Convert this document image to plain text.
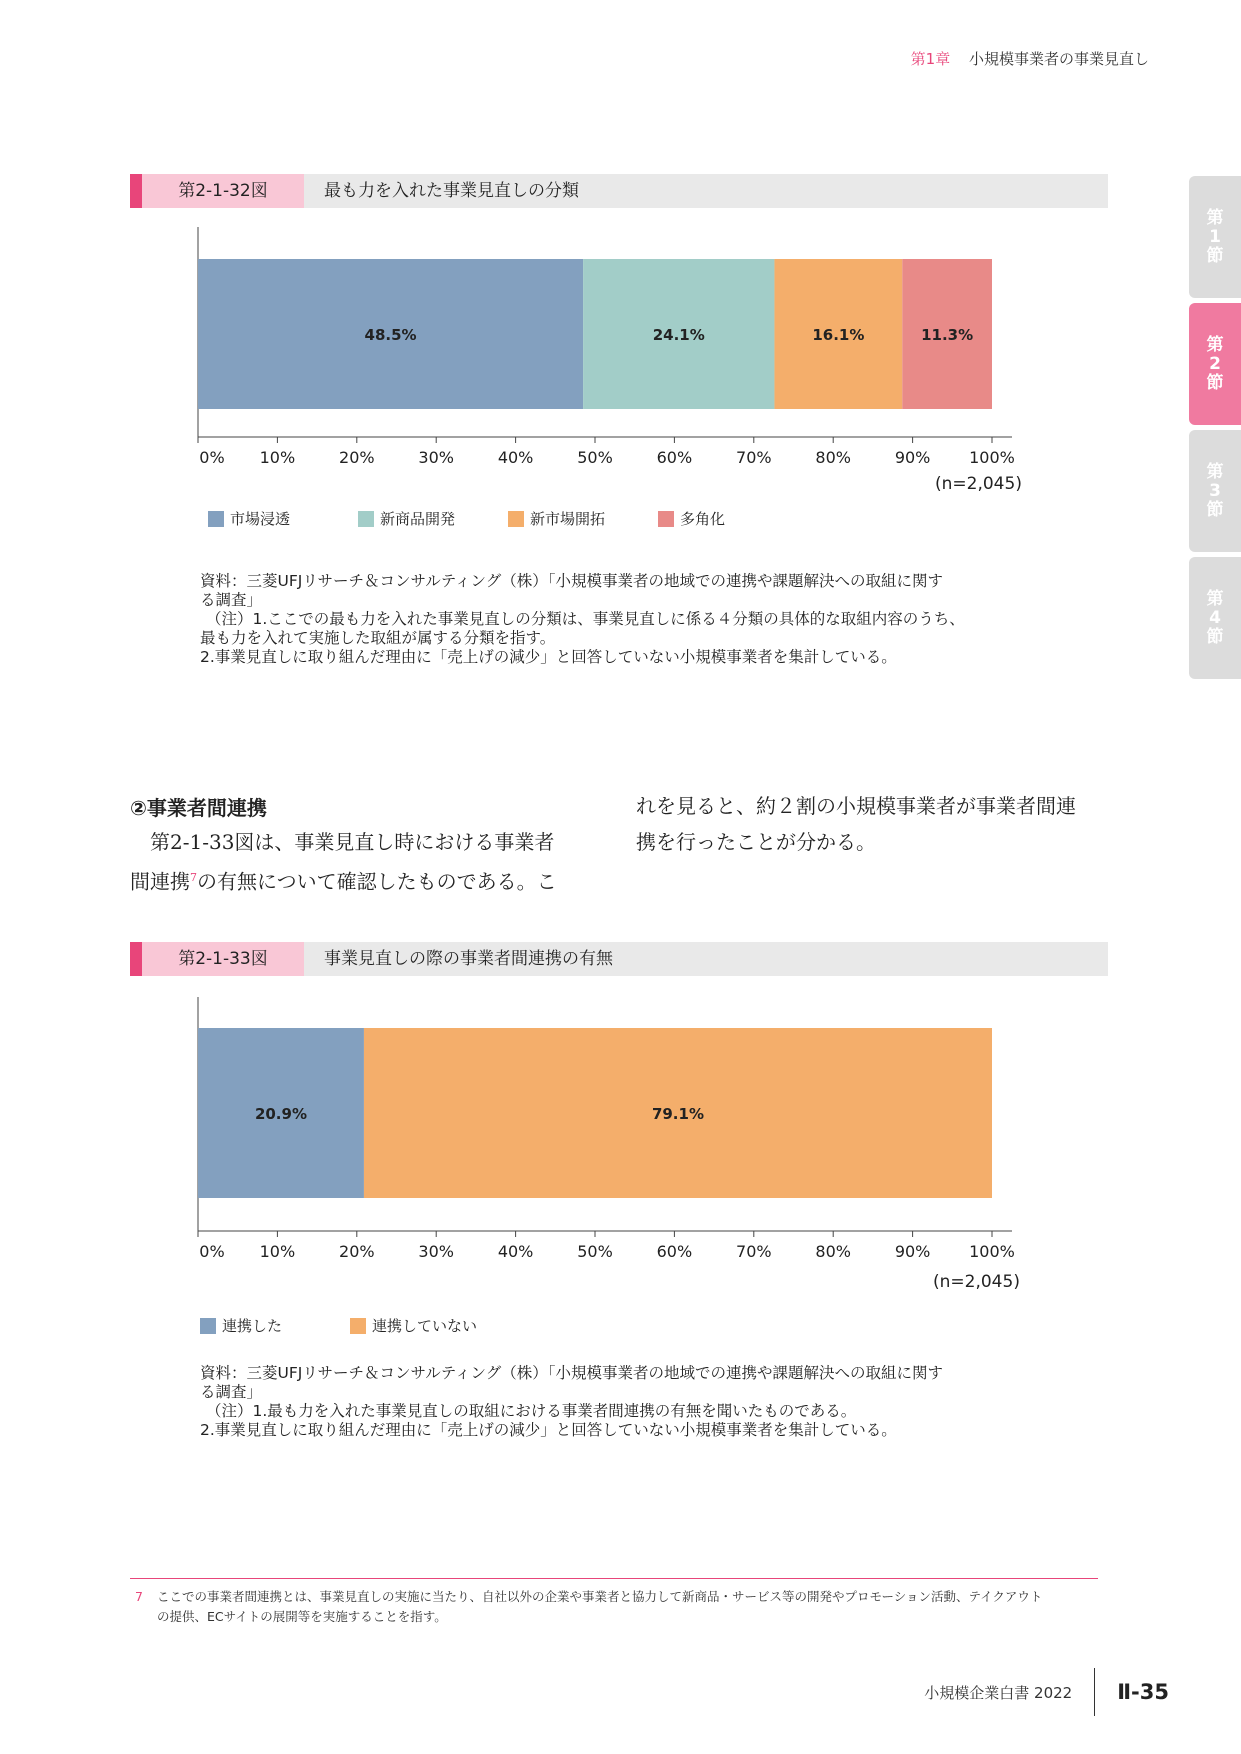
第1章 小規模事業者の事業見直し
第1節
第2節
第3節
第4節
第2-1-32図	最も力を入れた事業見直しの分類
48.5%	24.1%	16.1%	11.3%
0% 10%	20%	30%	40%	50%	60%	70%	80%	90% 100%
(n=2,045)
市場浸透	新商品開発	新市場開拓	多角化
資料：三菱UFJリサーチ＆コンサルティング（株）「小規模事業者の地域での連携や課題解決への取組に関す
る調査」
（注）1.ここでの最も力を入れた事業見直しの分類は、事業見直しに係る４分類の具体的な取組内容のうち、
最も力を入れて実施した取組が属する分類を指す。
2.事業見直しに取り組んだ理由に「売上げの減少」と回答していない小規模事業者を集計している。
②事業者間連携
第2-1-33図は、事業見直し時における事業者
間連携$^7$の有無について確認したものである。こ
れを見ると、約２割の小規模事業者が事業者間連
携を行ったことが分かる。
第2-1-33図	事業見直しの際の事業者間連携の有無
20.9%	79.1%
0% 10%	20%	30%	40%	50%	60%	70%	80%	90% 100%
(n=2,045)
連携した	連携していない
資料：三菱UFJリサーチ＆コンサルティング（株）「小規模事業者の地域での連携や課題解決への取組に関す
る調査」
（注）1.最も力を入れた事業見直しの取組における事業者間連携の有無を聞いたものである。
2.事業見直しに取り組んだ理由に「売上げの減少」と回答していない小規模事業者を集計している。
7 ここでの事業者間連携とは、事業見直しの実施に当たり、自社以外の企業や事業者と協力して新商品・サービス等の開発やプロモーション活動、テイクアウト
の提供、ECサイトの展開等を実施することを指す。
小規模企業白書 2022 Ⅱ-35
